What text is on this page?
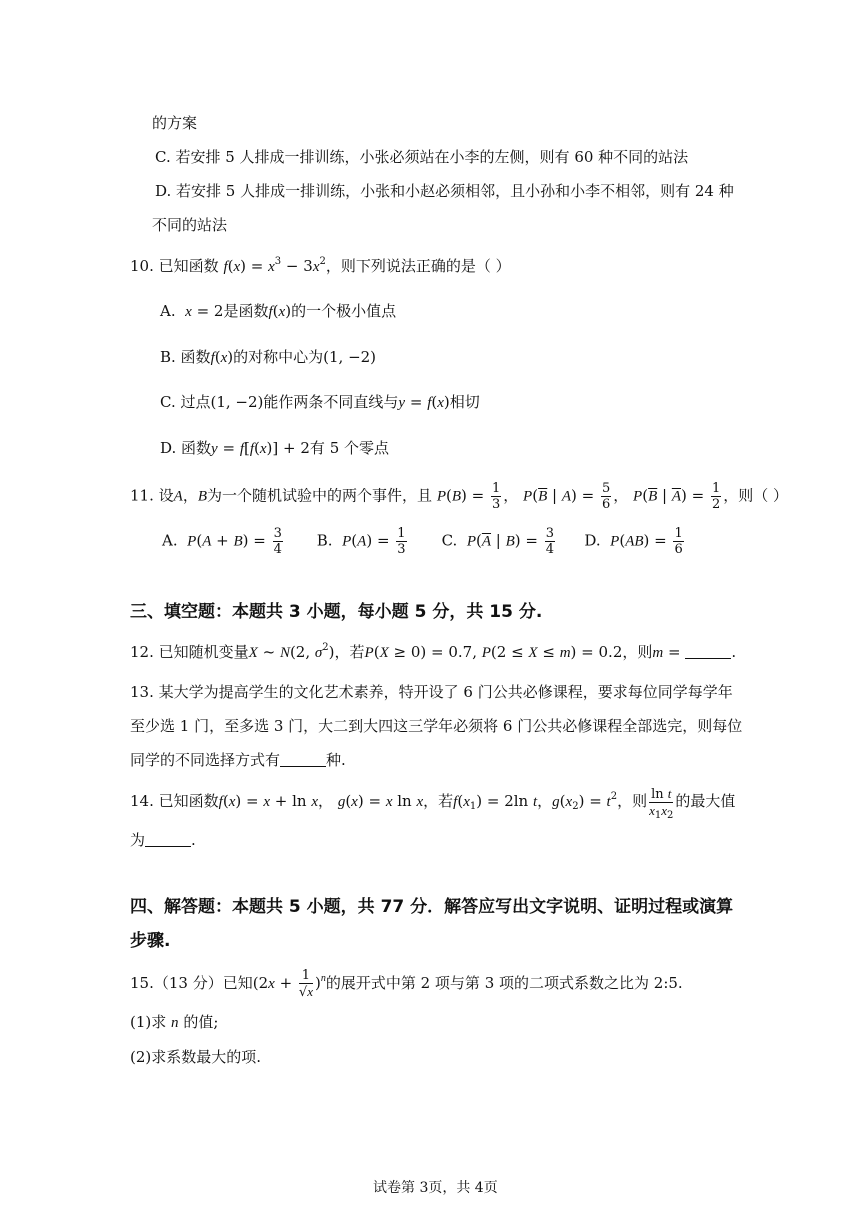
的方案
C. 若安排 5 人排成一排训练，小张必须站在小李的左侧，则有 60 种不同的站法
D. 若安排 5 人排成一排训练，小张和小赵必须相邻，且小孙和小李不相邻，则有 24 种
不同的站法
10. 已知函数 $f(x) = x^3 - 3x^2$，则下列说法正确的是（ ）
A. x = 2是函数f(x)的一个极小值点
B. 函数f(x)的对称中心为(1, −2)
C. 过点(1, −2)能作两条不同直线与y = f(x)相切
D. 函数y = f[f(x)] + 2有 5 个零点
11. 设A，B为一个随机试验中的两个事件，且 $P(B) = \frac{1}{3}$ ， $P(\overline{B}$ | $A) = \frac{5}{6}$ ， $P(\overline{B}$ | $\overline{A}) = \frac{1}{2}$ ，则（ ）
A. $P(A + B) = \frac{3}{4} B$. $P(A) = \frac{1}{3} C$. $P(\overline{A}$ | $B) = \frac{3}{4} D$. $P(AB) = \frac{1}{6}$
三、填空题：本题共 3 小题，每小题 5 分，共 15 分.
12. 已知随机变量X ~ N(2, $\sigma^2$)，若P(X ≥ 0) = 0.7, P(2 ≤ X ≤ m) = 0.2，则m =	.
13. 某大学为提高学生的文化艺术素养，特开设了 6 门公共必修课程，要求每位同学每学年
至少选 1 门，至多选 3 门，大二到大四这三学年必须将 6 门公共必修课程全部选完，则每位
同学的不同选择方式有	种.
14. 已知函数f(x) = x + ln x， g(x) = x ln x，若$f(x_1) = 2\ln$ t，$g(x_2) = t^2$，则 $\frac{\text{ln t}}{x_1x_2}$ 的最大值
为	.
四、解答题：本题共 5 小题，共 77 分．解答应写出文字说明、证明过程或演算
步骤.
15.（13 分）已知$(2x + \frac{1}{√x} )^n$的展开式中第 2 项与第 3 项的二项式系数之比为 2:5.
(1)求 n 的值;
(2)求系数最大的项.
试卷第 3页，共 4页
